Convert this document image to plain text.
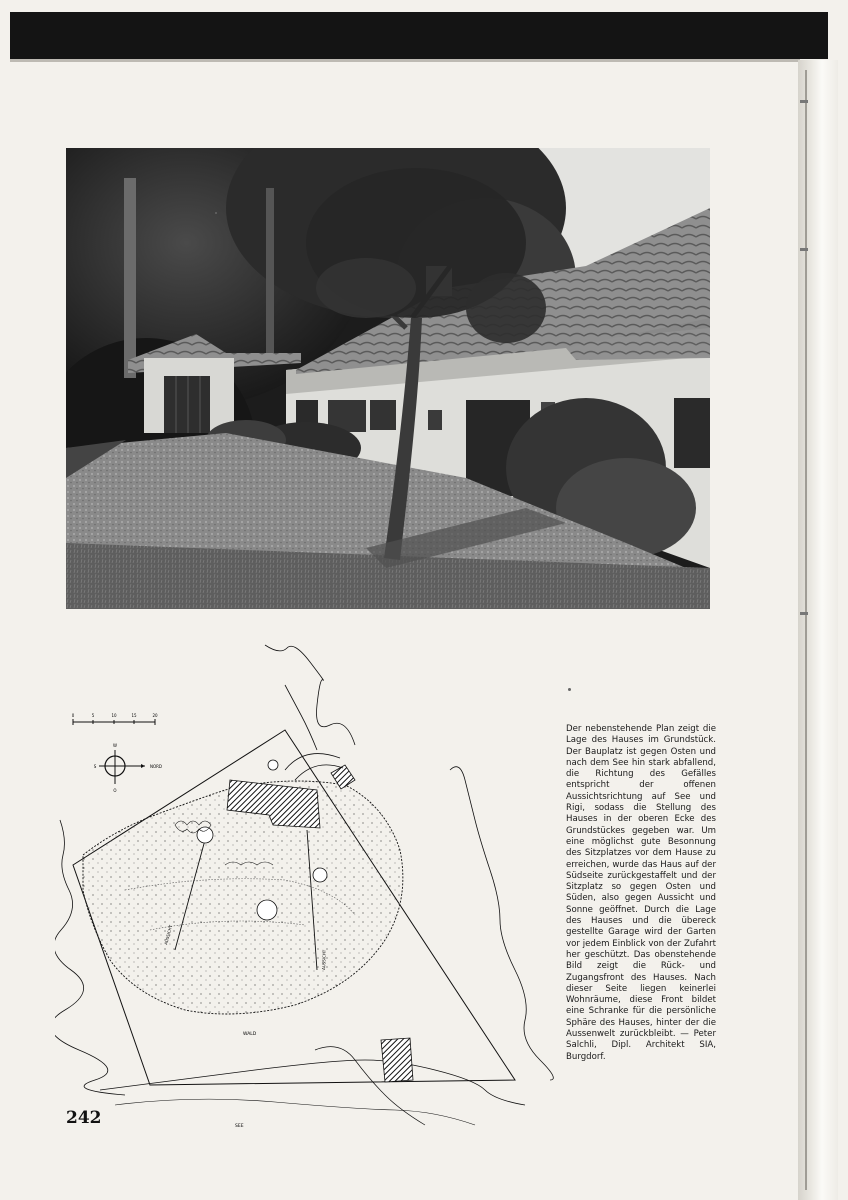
0	5	10	15	20
W
S	NORD
O
AUSSICHT
AUSSICHT
WALD
SEE

Der nebenstehende Plan zeigt die Lage des Hauses im Grundstück. Der Bauplatz ist gegen Osten und nach dem See hin stark abfallend, die Richtung des Gefälles entspricht der offenen Aussichtsrichtung auf See und Rigi, sodass die Stellung des Hauses in der oberen Ecke des Grundstückes gegeben war. Um eine möglichst gute Besonnung des Sitzplatzes vor dem Hause zu erreichen, wurde das Haus auf der Südseite zurückgestaffelt und der Sitzplatz so gegen Osten und Süden, also gegen Aussicht und Sonne geöffnet. Durch die Lage des Hauses und die übereck gestellte Garage wird der Garten vor jedem Einblick von der Zufahrt her geschützt. Das obenstehende Bild zeigt die Rück- und Zugangsfront des Hauses. Nach dieser Seite liegen keinerlei Wohnräume, diese Front bildet eine Schranke für die persönliche Sphäre des Hauses, hinter der die Aussenwelt zurückbleibt. — Peter Salchli, Dipl. Architekt SIA, Burgdorf.

242
